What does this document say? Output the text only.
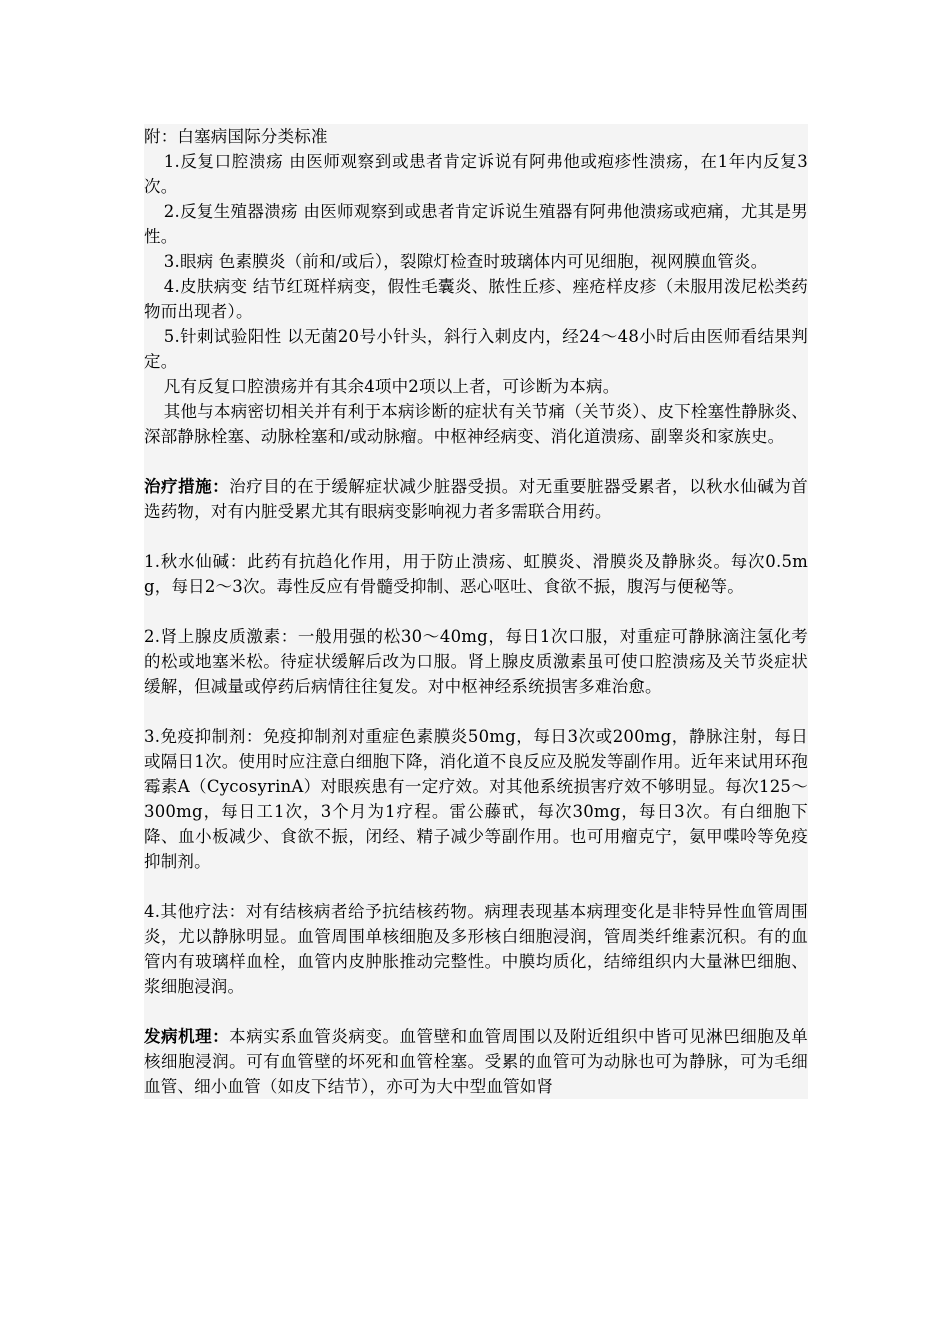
附：白塞病国际分类标准

1.反复口腔溃疡 由医师观察到或患者肯定诉说有阿弗他或疱疹性溃疡，在1年内反复3次。

2.反复生殖器溃疡 由医师观察到或患者肯定诉说生殖器有阿弗他溃疡或疤痛，尤其是男性。

3.眼病 色素膜炎（前和/或后），裂隙灯检查时玻璃体内可见细胞，视网膜血管炎。

4.皮肤病变 结节红斑样病变，假性毛囊炎、脓性丘疹、痤疮样皮疹（未服用泼尼松类药物而出现者）。

5.针刺试验阳性 以无菌20号小针头，斜行入刺皮内，经24～48小时后由医师看结果判定。

凡有反复口腔溃疡并有其余4项中2项以上者，可诊断为本病。

其他与本病密切相关并有利于本病诊断的症状有关节痛（关节炎）、皮下栓塞性静脉炎、深部静脉栓塞、动脉栓塞和/或动脉瘤。中枢神经病变、消化道溃疡、副睾炎和家族史。

治疗措施：治疗目的在于缓解症状减少脏器受损。对无重要脏器受累者，以秋水仙碱为首选药物，对有内脏受累尤其有眼病变影响视力者多需联合用药。

1.秋水仙碱：此药有抗趋化作用，用于防止溃疡、虹膜炎、滑膜炎及静脉炎。每次0.5mg，每日2～3次。毒性反应有骨髓受抑制、恶心呕吐、食欲不振，腹泻与便秘等。

2.肾上腺皮质激素：一般用强的松30～40mg，每日1次口服，对重症可静脉滴注氢化考的松或地塞米松。待症状缓解后改为口服。肾上腺皮质激素虽可使口腔溃疡及关节炎症状缓解，但减量或停药后病情往往复发。对中枢神经系统损害多难治愈。

3.免疫抑制剂：免疫抑制剂对重症色素膜炎50mg，每日3次或200mg，静脉注射，每日或隔日1次。使用时应注意白细胞下降，消化道不良反应及脱发等副作用。近年来试用环孢霉素A（CycosyrinA）对眼疾患有一定疗效。对其他系统损害疗效不够明显。每次125～300mg，每日工1次，3个月为1疗程。雷公藤甙，每次30mg，每日3次。有白细胞下降、血小板减少、食欲不振，闭经、精子减少等副作用。也可用瘤克宁，氨甲喋呤等免疫抑制剂。

4.其他疗法：对有结核病者给予抗结核药物。病理表现基本病理变化是非特异性血管周围炎，尤以静脉明显。血管周围单核细胞及多形核白细胞浸润，管周类纤维素沉积。有的血管内有玻璃样血栓，血管内皮肿胀推动完整性。中膜均质化，结缔组织内大量淋巴细胞、浆细胞浸润。

发病机理：本病实系血管炎病变。血管壁和血管周围以及附近组织中皆可见淋巴细胞及单核细胞浸润。可有血管壁的坏死和血管栓塞。受累的血管可为动脉也可为静脉，可为毛细血管、细小血管（如皮下结节），亦可为大中型血管如肾
